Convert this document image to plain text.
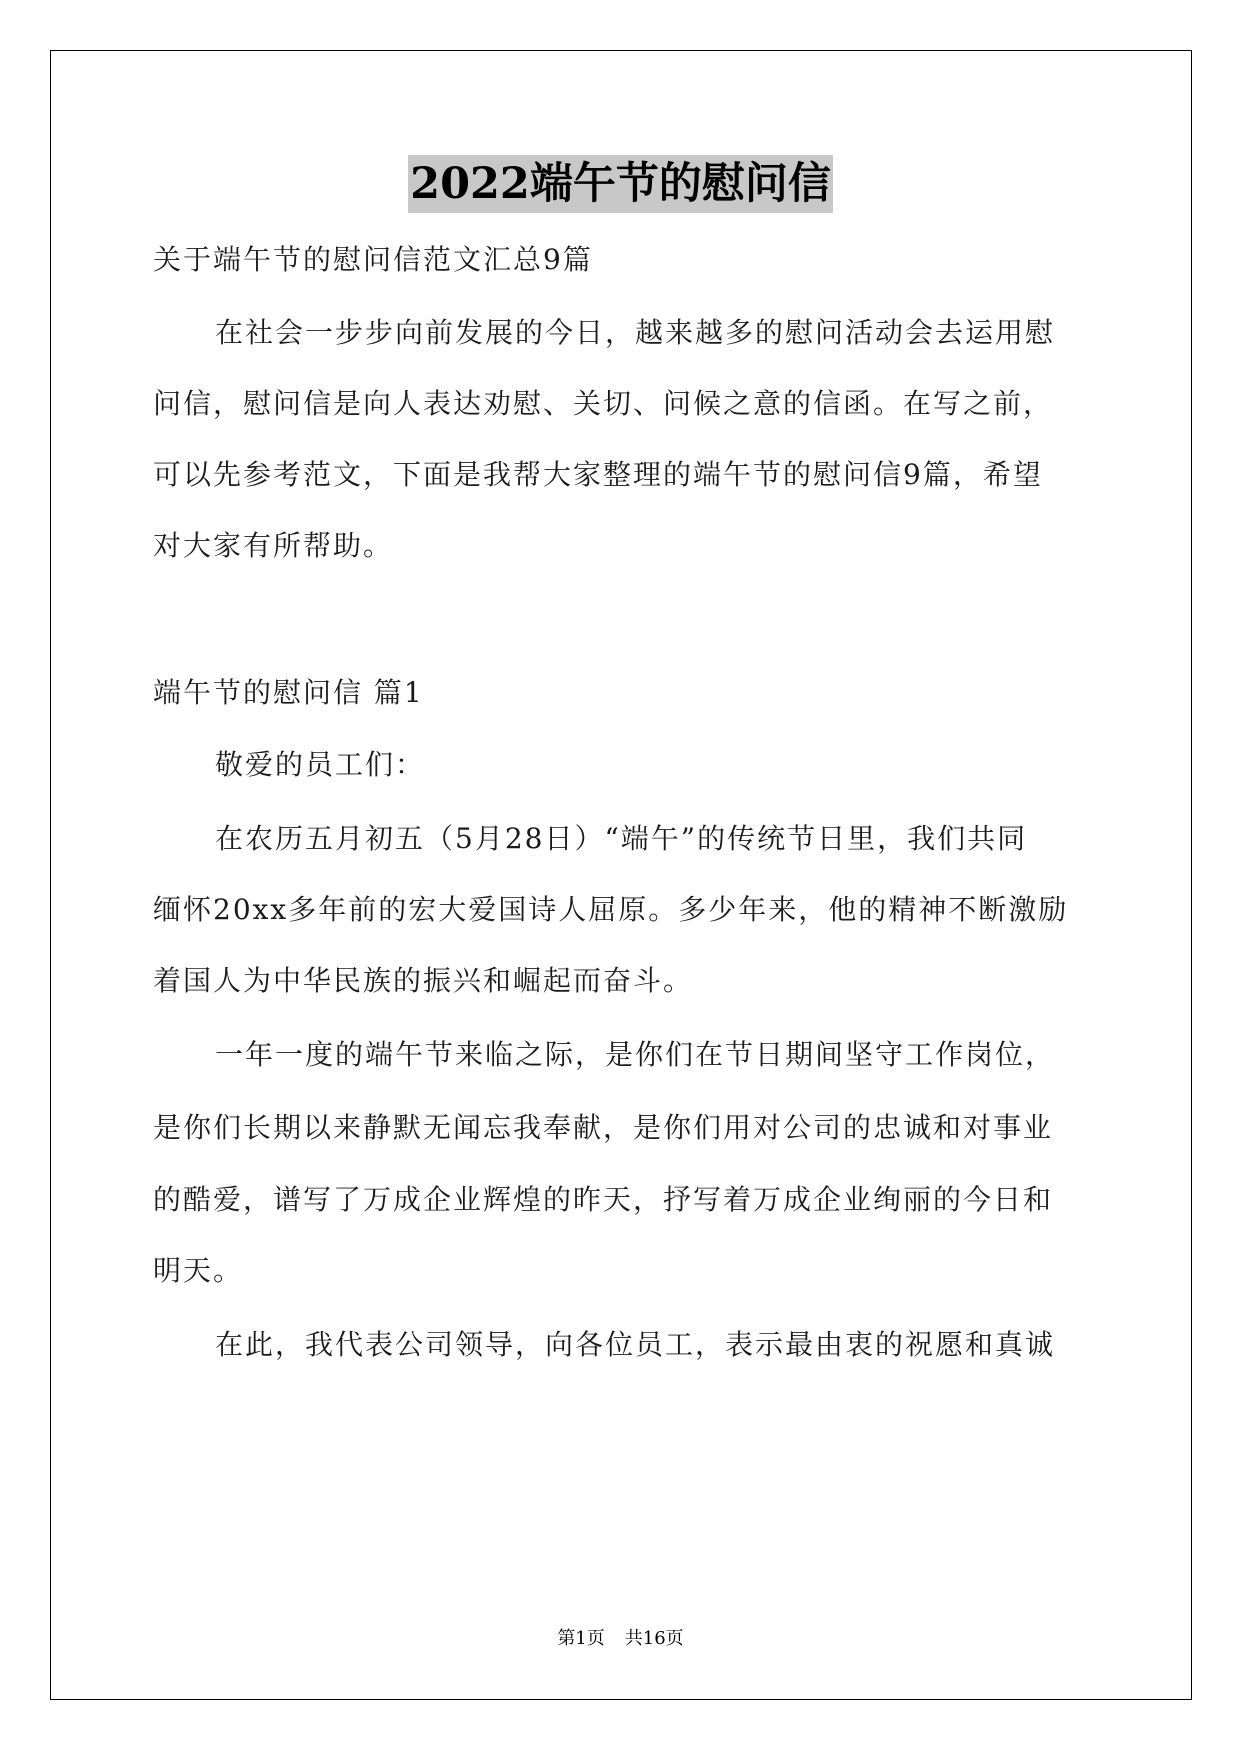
2022端午节的慰问信

关于端午节的慰问信范文汇总9篇

在社会一步步向前发展的今日，越来越多的慰问活动会去运用慰

问信，慰问信是向人表达劝慰、关切、问候之意的信函。在写之前，

可以先参考范文，下面是我帮大家整理的端午节的慰问信9篇，希望

对大家有所帮助。

端午节的慰问信 篇1

敬爱的员工们：

在农历五月初五（5月28日）“端午”的传统节日里，我们共同

缅怀20xx多年前的宏大爱国诗人屈原。多少年来，他的精神不断激励

着国人为中华民族的振兴和崛起而奋斗。

一年一度的端午节来临之际，是你们在节日期间坚守工作岗位，

是你们长期以来静默无闻忘我奉献，是你们用对公司的忠诚和对事业

的酷爱，谱写了万成企业辉煌的昨天，抒写着万成企业绚丽的今日和

明天。

在此，我代表公司领导，向各位员工，表示最由衷的祝愿和真诚

第1页 共16页
